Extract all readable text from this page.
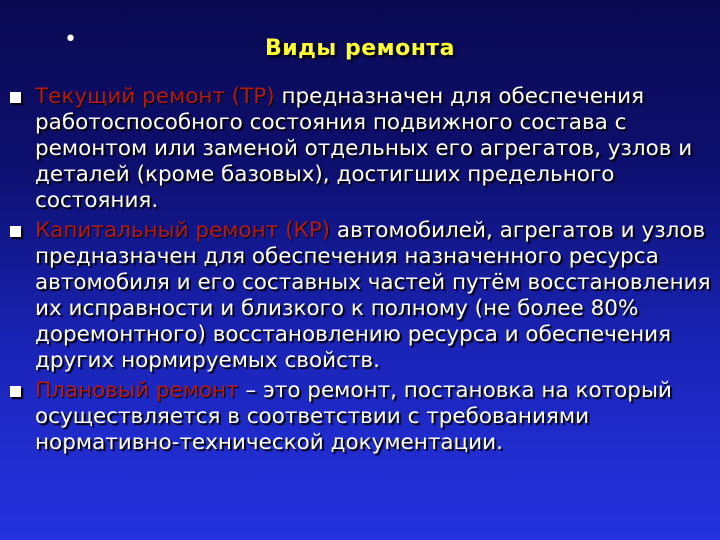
•	Виды ремонта
Текущий ремонт (ТР) предназначен для обеспечения работоспособного состояния подвижного состава с ремонтом или заменой отдельных его агрегатов, узлов и деталей (кроме базовых), достигших предельного состояния.
Капитальный ремонт (КР) автомобилей, агрегатов и узлов предназначен для обеспечения назначенного ресурса автомобиля и его составных частей путём восстановления их исправности и близкого к полному (не более 80% доремонтного) восстановлению ресурса и обеспечения других нормируемых свойств.
Плановый ремонт – это ремонт, постановка на который осуществляется в соответствии с требованиями нормативно-технической документации.
